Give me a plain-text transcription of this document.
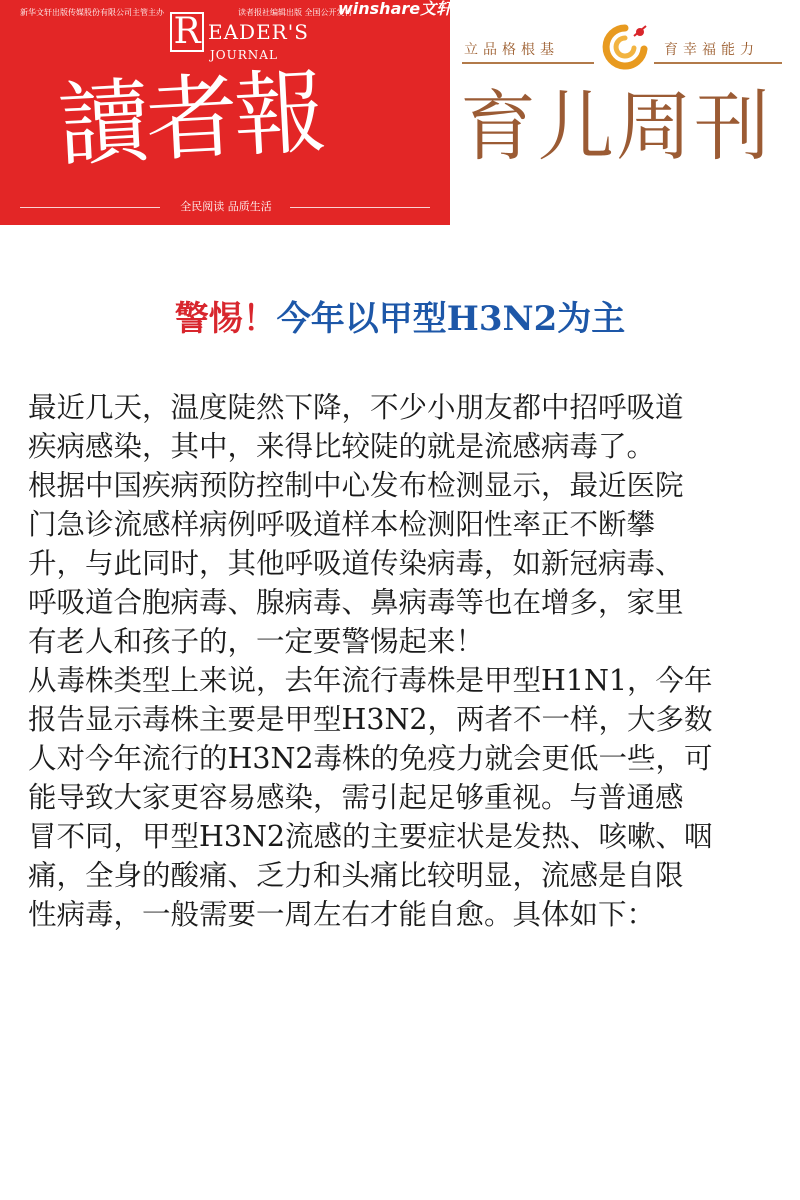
新华文轩出版传媒股份有限公司主管主办	读者报社编辑出版 全国公开发行
winshare文轩
R EADER'S
JOURNAL
讀者報
全民阅读 品质生活
立品格根基	育幸福能力
育儿周刊
警惕！今年以甲型H3N2为主
最近几天，温度陡然下降，不少小朋友都中招呼吸道
疾病感染，其中，来得比较陡的就是流感病毒了。
根据中国疾病预防控制中心发布检测显示，最近医院
门急诊流感样病例呼吸道样本检测阳性率正不断攀
升，与此同时，其他呼吸道传染病毒，如新冠病毒、
呼吸道合胞病毒、腺病毒、鼻病毒等也在增多，家里
有老人和孩子的，一定要警惕起来！
从毒株类型上来说，去年流行毒株是甲型H1N1，今年
报告显示毒株主要是甲型H3N2，两者不一样，大多数
人对今年流行的H3N2毒株的免疫力就会更低一些，可
能导致大家更容易感染，需引起足够重视。与普通感
冒不同，甲型H3N2流感的主要症状是发热、咳嗽、咽
痛，全身的酸痛、乏力和头痛比较明显，流感是自限
性病毒，一般需要一周左右才能自愈。具体如下：
